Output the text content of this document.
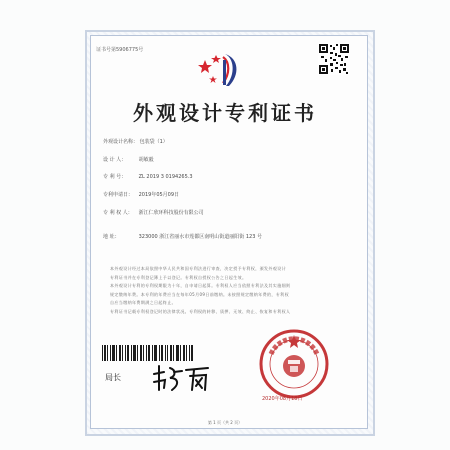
证书号第5906775号
外观设计专利证书
外观设计名称： 包装袋（1）
设 计 人： 胡敏毅
专 利 号： ZL 2019 3 0194265.3
专利申请日： 2019年05月09日
专 利 权 人： 浙江仁欣环科技股份有限公司
地 址：	323000 浙江省丽水市莲都区南明山街道丽阳街 123 号
本外观设计经过本局依照中华人民共和国专利法进行审查，决定授予专利权，颁发外观设计
专利证书并在专利登记簿上予以登记。专利权自授权公告之日起生效。
本外观设计专利的专利权期限为十年，自申请日起算。专利权人应当依照专利法及其实施细则
规定缴纳年费。本专利的年费应当在每年05月09日前缴纳。未按照规定缴纳年费的，专利权
自应当缴纳年费期满之日起终止。
专利证书记载专利权登记时的法律状况。专利权的转移、质押、无效、终止、恢复和专利权人
局长
2020年08月18日
第 1 页（共 2 页）
